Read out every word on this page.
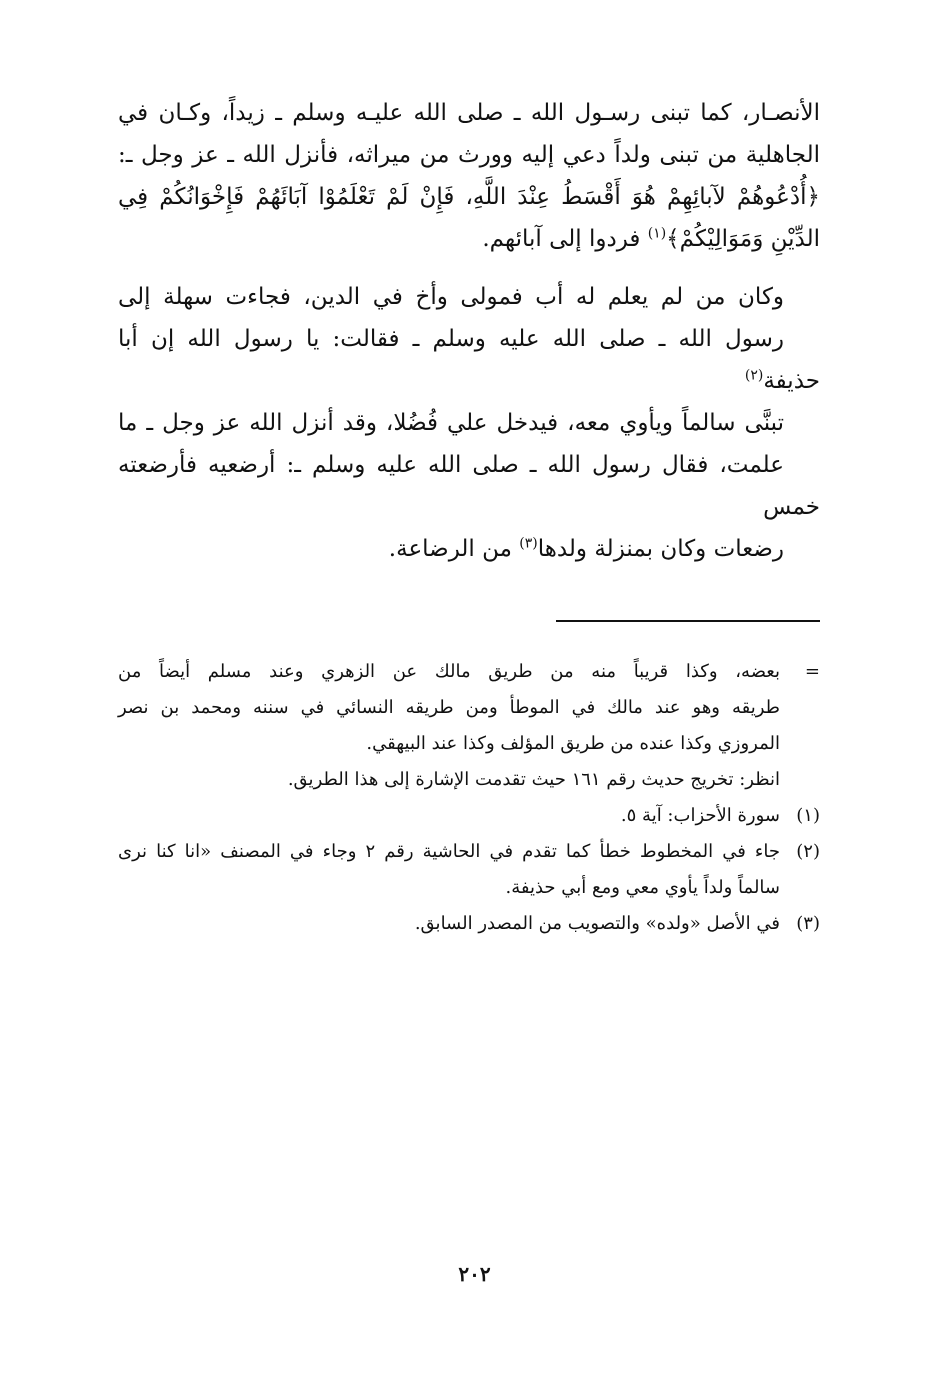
الأنصـار، كما تبنى رسـول الله ـ صلى الله عليـه وسلم ـ زيداً، وكـان في
الجاهلية من تبنى ولداً دعي إليه وورث من ميراثه، فأنزل الله ـ عز وجل ـ:
﴿أُدْعُوهُمْ لآبائِهِمْ هُوَ أَقْسَطُ عِنْدَ اللَّهِ، فَإِنْ لَمْ تَعْلَمُوْا آبَائَهُمْ فَإِخْوَانُكُمْ فِي
الدِّيْنِ وَمَوَالِيْكُمْ﴾$^{(١)}$ فردوا إلى آبائهم.

وكان من لم يعلم له أب فمولى وأخ في الدين، فجاءت سهلة إلى
رسول الله ـ صلى الله عليه وسلم ـ فقالت: يا رسول الله إن أبا حذيفة$^{(٢)}$
تبنَّى سالماً ويأوي معه، فيدخل علي فُضُلا، وقد أنزل الله عز وجل ـ ما
علمت، فقال رسول الله ـ صلى الله عليه وسلم ـ: أرضعيه فأرضعته خمس
رضعات وكان بمنزلة ولدها$^{(٣)}$ من الرضاعة.

=
بعضه، وكذا قريباً منه من طريق مالك عن الزهري وعند مسلم أيضاً من
طريقه وهو عند مالك في الموطأ ومن طريقه النسائي في سننه ومحمد بن نصر
المروزي وكذا عنده من طريق المؤلف وكذا عند البيهقي.
انظر: تخريج حديث رقم ١٦١ حيث تقدمت الإشارة إلى هذا الطريق.
(١)
سورة الأحزاب: آية ٥.
(٢)
جاء في المخطوط خطأ كما تقدم في الحاشية رقم ٢ وجاء في المصنف «انا كنا نرى
سالماً ولداً يأوي معي ومع أبي حذيفة.
(٣)
في الأصل «ولده» والتصويب من المصدر السابق.
٢٠٢
